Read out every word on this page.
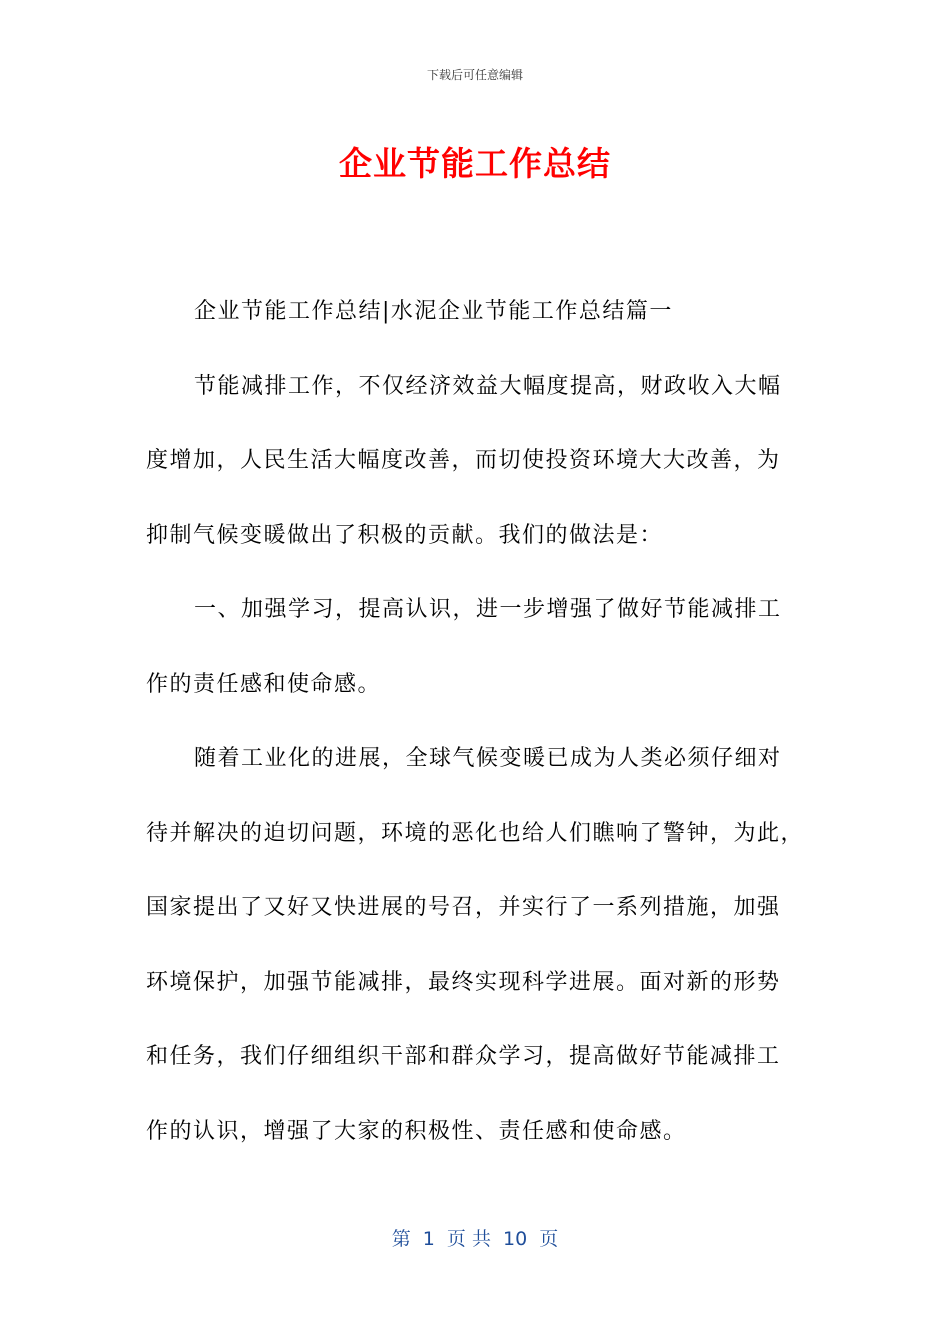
下载后可任意编辑
企业节能工作总结
企业节能工作总结|水泥企业节能工作总结篇一
节能减排工作，不仅经济效益大幅度提高，财政收入大幅
度增加，人民生活大幅度改善，而切使投资环境大大改善，为
抑制气候变暖做出了积极的贡献。我们的做法是：
一、加强学习，提高认识，进一步增强了做好节能减排工
作的责任感和使命感。
随着工业化的进展，全球气候变暖已成为人类必须仔细对
待并解决的迫切问题，环境的恶化也给人们瞧响了警钟，为此，
国家提出了又好又快进展的号召，并实行了一系列措施，加强
环境保护，加强节能减排，最终实现科学进展。面对新的形势
和任务，我们仔细组织干部和群众学习，提高做好节能减排工
作的认识，增强了大家的积极性、责任感和使命感。
第  1  页 共  10  页
